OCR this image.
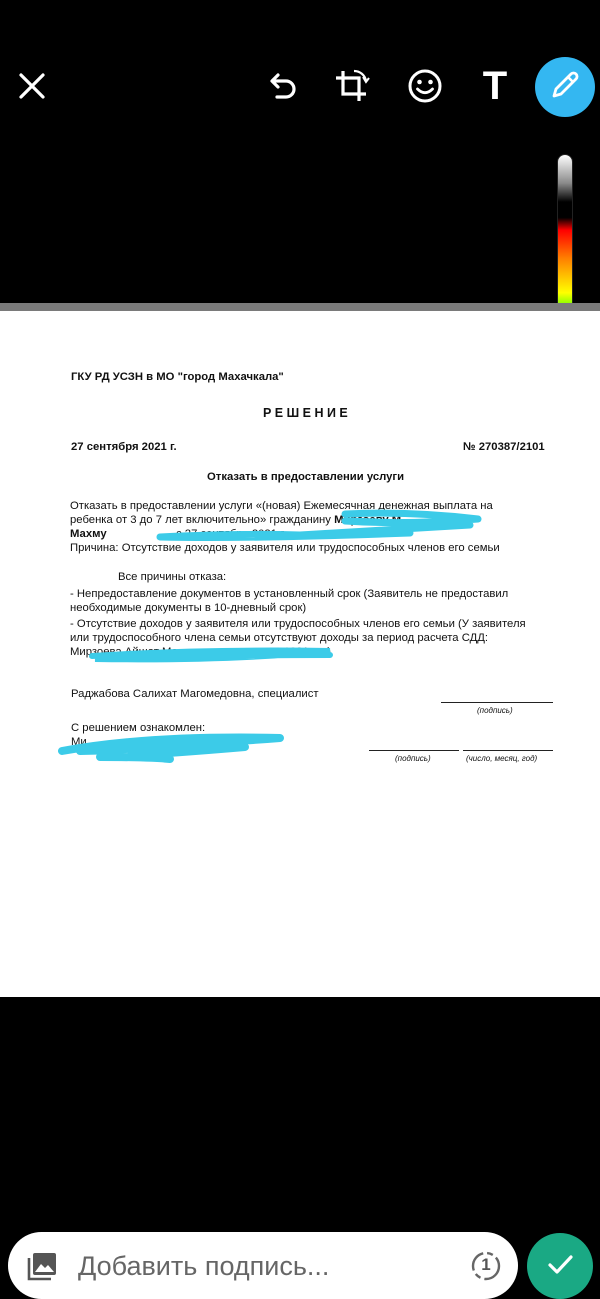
T
ГКУ РД УСЗН в МО "город Махачкала"
Р Е Ш Е Н И Е
27 сентября 2021 г.	№ 270387/2101
Отказать в предоставлении услуги
Отказать в предоставлении услуги «(новая) Ежемесячная денежная выплата на
ребенка от 3 до 7 лет включительно» гражданину Мирзоеву М
Махму	с 27 сентября 2021 г.
Причина: Отсутствие доходов у заявителя или трудоспособных членов его семьи
Все причины отказа:
- Непредоставление документов в установленный срок (Заявитель не предоставил
необходимые документы в 10-дневный срок)
- Отсутствие доходов у заявителя или трудоспособных членов его семьи (У заявителя
или трудоспособного члена семьи отсутствуют доходы за период расчета СДД:
Мирзоева Айшат Магомед	06.1991 г.р.)
Раджабова Салихат Магомедовна, специалист
(подпись)
С решением ознакомлен:
Ми
(подпись)	(число, месяц, год)
Добавить подпись...
1
